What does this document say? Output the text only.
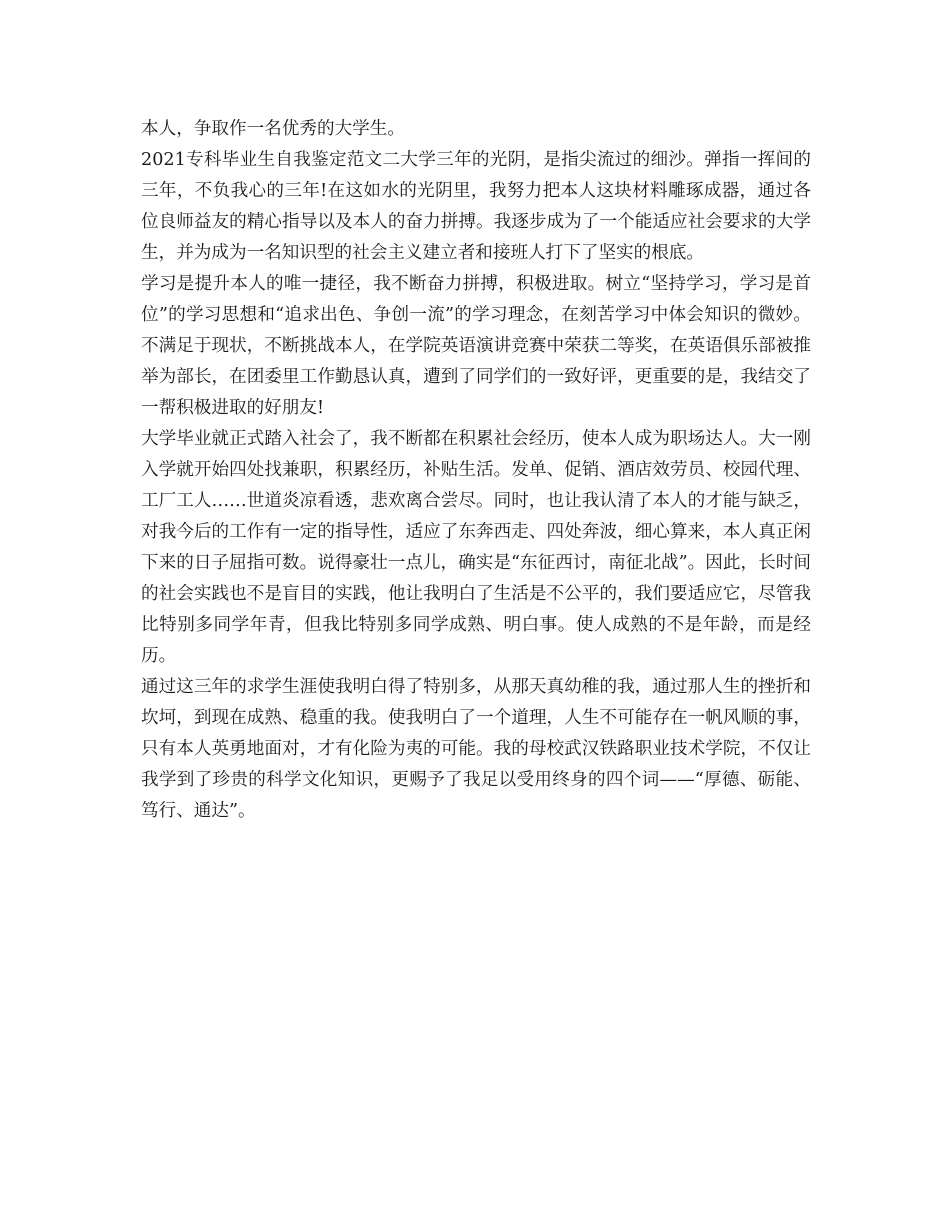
本人，争取作一名优秀的大学生。

2021专科毕业生自我鉴定范文二大学三年的光阴，是指尖流过的细沙。弹指一挥间的三年，不负我心的三年!在这如水的光阴里，我努力把本人这块材料雕琢成器，通过各位良师益友的精心指导以及本人的奋力拼搏。我逐步成为了一个能适应社会要求的大学生，并为成为一名知识型的社会主义建立者和接班人打下了坚实的根底。

学习是提升本人的唯一捷径，我不断奋力拼搏，积极进取。树立“坚持学习，学习是首位”的学习思想和“追求出色、争创一流”的学习理念，在刻苦学习中体会知识的微妙。不满足于现状，不断挑战本人，在学院英语演讲竞赛中荣获二等奖，在英语俱乐部被推举为部长，在团委里工作勤恳认真，遭到了同学们的一致好评，更重要的是，我结交了一帮积极进取的好朋友!

大学毕业就正式踏入社会了，我不断都在积累社会经历，使本人成为职场达人。大一刚入学就开始四处找兼职，积累经历，补贴生活。发单、促销、酒店效劳员、校园代理、工厂工人……世道炎凉看透，悲欢离合尝尽。同时，也让我认清了本人的才能与缺乏，对我今后的工作有一定的指导性，适应了东奔西走、四处奔波，细心算来，本人真正闲下来的日子屈指可数。说得豪壮一点儿，确实是“东征西讨，南征北战”。因此，长时间的社会实践也不是盲目的实践，他让我明白了生活是不公平的，我们要适应它，尽管我比特别多同学年青，但我比特别多同学成熟、明白事。使人成熟的不是年龄，而是经历。

通过这三年的求学生涯使我明白得了特别多，从那天真幼稚的我，通过那人生的挫折和坎坷，到现在成熟、稳重的我。使我明白了一个道理，人生不可能存在一帆风顺的事，只有本人英勇地面对，才有化险为夷的可能。我的母校武汉铁路职业技术学院，不仅让我学到了珍贵的科学文化知识，更赐予了我足以受用终身的四个词——“厚德、砺能、笃行、通达”。
